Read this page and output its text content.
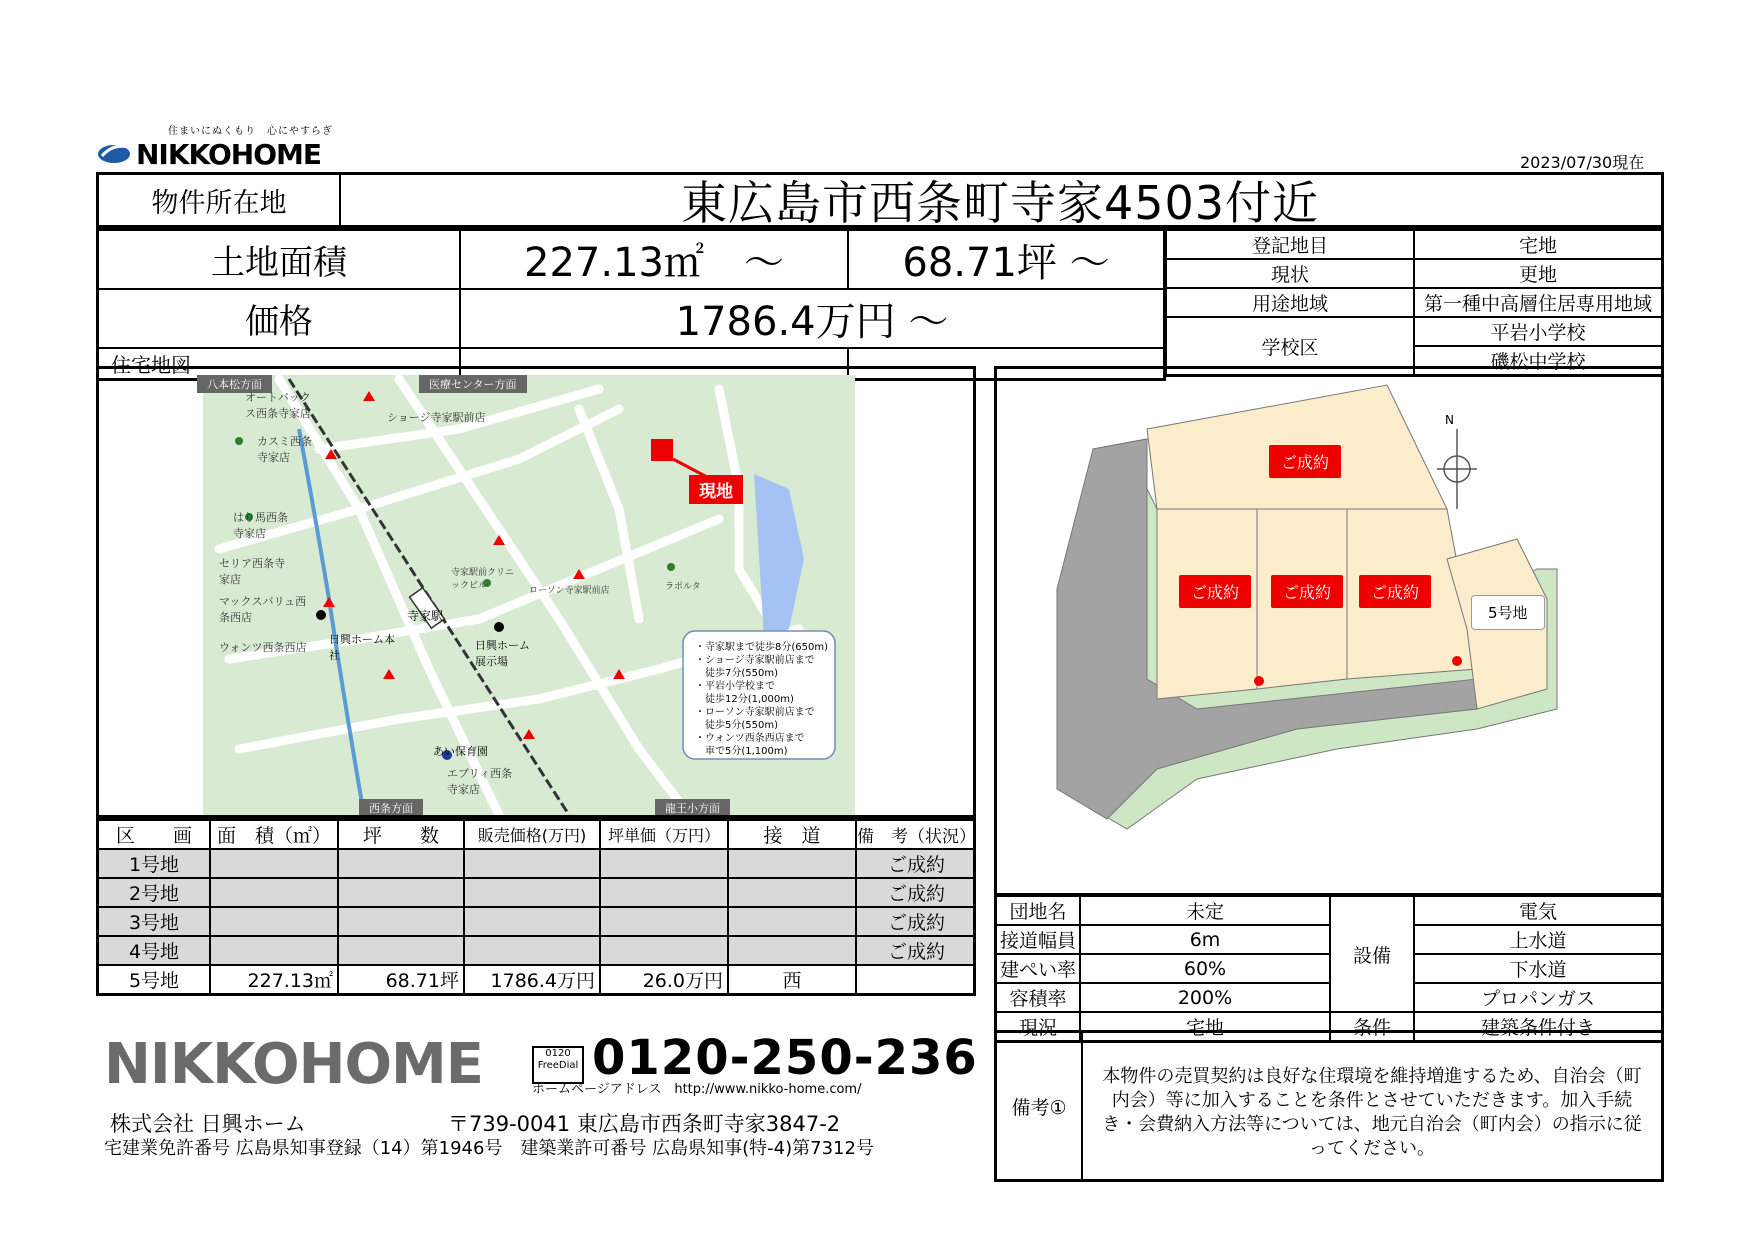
住まいにぬくもり　心にやすらぎ
NIKKOHOME	2023/07/30現在
物件所在地	東広島市西条町寺家4503付近
土地面積	227.13㎡　～	68.71坪 ～
価格	1786.4万円 ～	
住宅地図		
登記地目	宅地
現状	更地
用途地域	第一種中高層住居専用地域
学校区	平岩小学校
	磯松中学校
八本松方面	医療センター方面
西条方面	龍王小方面
現地
寺家駅
オートバックス西条寺家店	ショージ寺家駅前店
カスミ西条寺家店
はり馬西条寺家店
セリア西条寺家店
マックスバリュ西条西店
ウォンツ西条西店
日興ホーム本社
寺家駅前クリニックビル	ローソン寺家駅前店	ラポルタ
日興ホーム展示場
あい保育園
エブリィ西条寺家店
・寺家駅まで徒歩8分(650m)
・ショージ寺家駅前店まで
　徒歩7分(550m)
・平岩小学校まで
　徒歩12分(1,000m)
・ローソン寺家駅前店まで
　徒歩5分(550m)
・ウォンツ西条西店まで
　車で5分(1,100m)
N
ご成約
ご成約	ご成約	ご成約
5号地
区　　画	面　積（㎡）	坪　　数	販売価格(万円)	坪単価（万円）	接　道	備　考（状況）
1号地						ご成約
2号地						ご成約
3号地						ご成約
4号地						ご成約
5号地	227.13㎡	68.71坪	1786.4万円	26.0万円	西	
団地名	未定	設備	電気
接道幅員	6m		上水道
建ぺい率	60%		下水道
容積率	200%		プロパンガス
現況	宅地	条件	建築条件付き
備考①
本物件の売買契約は良好な住環境を維持増進するため、自治会（町内会）等に加入することを条件とさせていただきます。加入手続き・会費納入方法等については、地元自治会（町内会）の指示に従ってください。
NIKKOHOME	0120 FreeDial 0120-250-236
ホームページアドレス　http://www.nikko-home.com/
株式会社 日興ホーム	〒739-0041 東広島市西条町寺家3847-2
宅建業免許番号 広島県知事登録（14）第1946号　建築業許可番号 広島県知事(特-4)第7312号
